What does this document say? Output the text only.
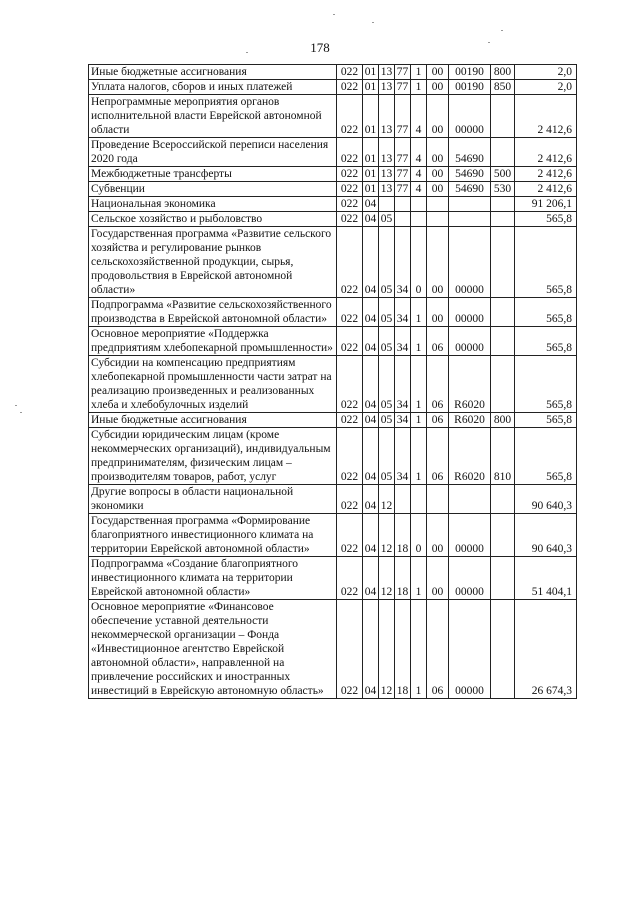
178
Иные бюджетные ассигнования	022	01	13	77	1	00	00190	800	2,0
Уплата налогов, сборов и иных платежей	022	01	13	77	1	00	00190	850	2,0
Непрограммные мероприятия органов исполнительной власти Еврейской автономной области	022	01	13	77	4	00	00000		2 412,6
Проведение Всероссийской переписи населения 2020 года	022	01	13	77	4	00	54690		2 412,6
Межбюджетные трансферты	022	01	13	77	4	00	54690	500	2 412,6
Субвенции	022	01	13	77	4	00	54690	530	2 412,6
Национальная экономика	022	04							91 206,1
Сельское хозяйство и рыболовство	022	04	05						565,8
Государственная программа «Развитие сельского хозяйства и регулирование рынков сельскохозяйственной продукции, сырья, продовольствия в Еврейской автономной области»	022	04	05	34	0	00	00000		565,8
Подпрограмма «Развитие сельскохозяйственного производства в Еврейской автономной области»	022	04	05	34	1	00	00000		565,8
Основное мероприятие «Поддержка предприятиям хлебопекарной промышленности»	022	04	05	34	1	06	00000		565,8
Субсидии на компенсацию предприятиям хлебопекарной промышленности части затрат на реализацию произведенных и реализованных хлеба и хлебобулочных изделий	022	04	05	34	1	06	R6020		565,8
Иные бюджетные ассигнования	022	04	05	34	1	06	R6020	800	565,8
Субсидии юридическим лицам (кроме некоммерческих организаций), индивидуальным предпринимателям, физическим лицам – производителям товаров, работ, услуг	022	04	05	34	1	06	R6020	810	565,8
Другие вопросы в области национальной экономики	022	04	12						90 640,3
Государственная программа «Формирование благоприятного инвестиционного климата на территории Еврейской автономной области»	022	04	12	18	0	00	00000		90 640,3
Подпрограмма «Создание благоприятного инвестиционного климата на территории Еврейской автономной области»	022	04	12	18	1	00	00000		51 404,1
Основное мероприятие «Финансовое обеспечение уставной деятельности некоммерческой организации – Фонда «Инвестиционное агентство Еврейской автономной области», направленной на привлечение российских и иностранных инвестиций в Еврейскую автономную область»	022	04	12	18	1	06	00000		26 674,3
